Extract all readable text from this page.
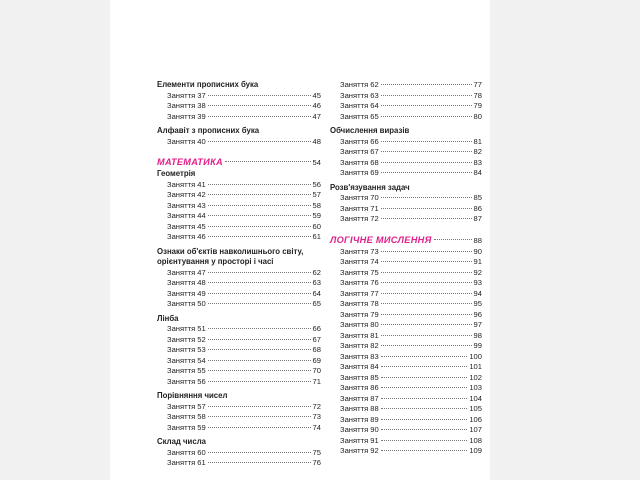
Елементи прописних бука
Заняття 37	45
Заняття 38	46
Заняття 39	47
Алфавіт з прописних бука
Заняття 40	48
МАТЕМАТИКА	54
Геометрія
Заняття 41	56
Заняття 42	57
Заняття 43	58
Заняття 44	59
Заняття 45	60
Заняття 46	61
Ознаки об'єктів навколишнього світу, орієнтування у просторі і часі
Заняття 47	62
Заняття 48	63
Заняття 49	64
Заняття 50	65
Лінба
Заняття 51	66
Заняття 52	67
Заняття 53	68
Заняття 54	69
Заняття 55	70
Заняття 56	71
Порівняння чисел
Заняття 57	72
Заняття 58	73
Заняття 59	74
Склад числа
Заняття 60	75
Заняття 61	76
Заняття 62	77
Заняття 63	78
Заняття 64	79
Заняття 65	80
Обчислення виразів
Заняття 66	81
Заняття 67	82
Заняття 68	83
Заняття 69	84
Розв'язування задач
Заняття 70	85
Заняття 71	86
Заняття 72	87
ЛОГІЧНЕ МИСЛЕННЯ	88
Заняття 73	90
Заняття 74	91
Заняття 75	92
Заняття 76	93
Заняття 77	94
Заняття 78	95
Заняття 79	96
Заняття 80	97
Заняття 81	98
Заняття 82	99
Заняття 83	100
Заняття 84	101
Заняття 85	102
Заняття 86	103
Заняття 87	104
Заняття 88	105
Заняття 89	106
Заняття 90	107
Заняття 91	108
Заняття 92	109
